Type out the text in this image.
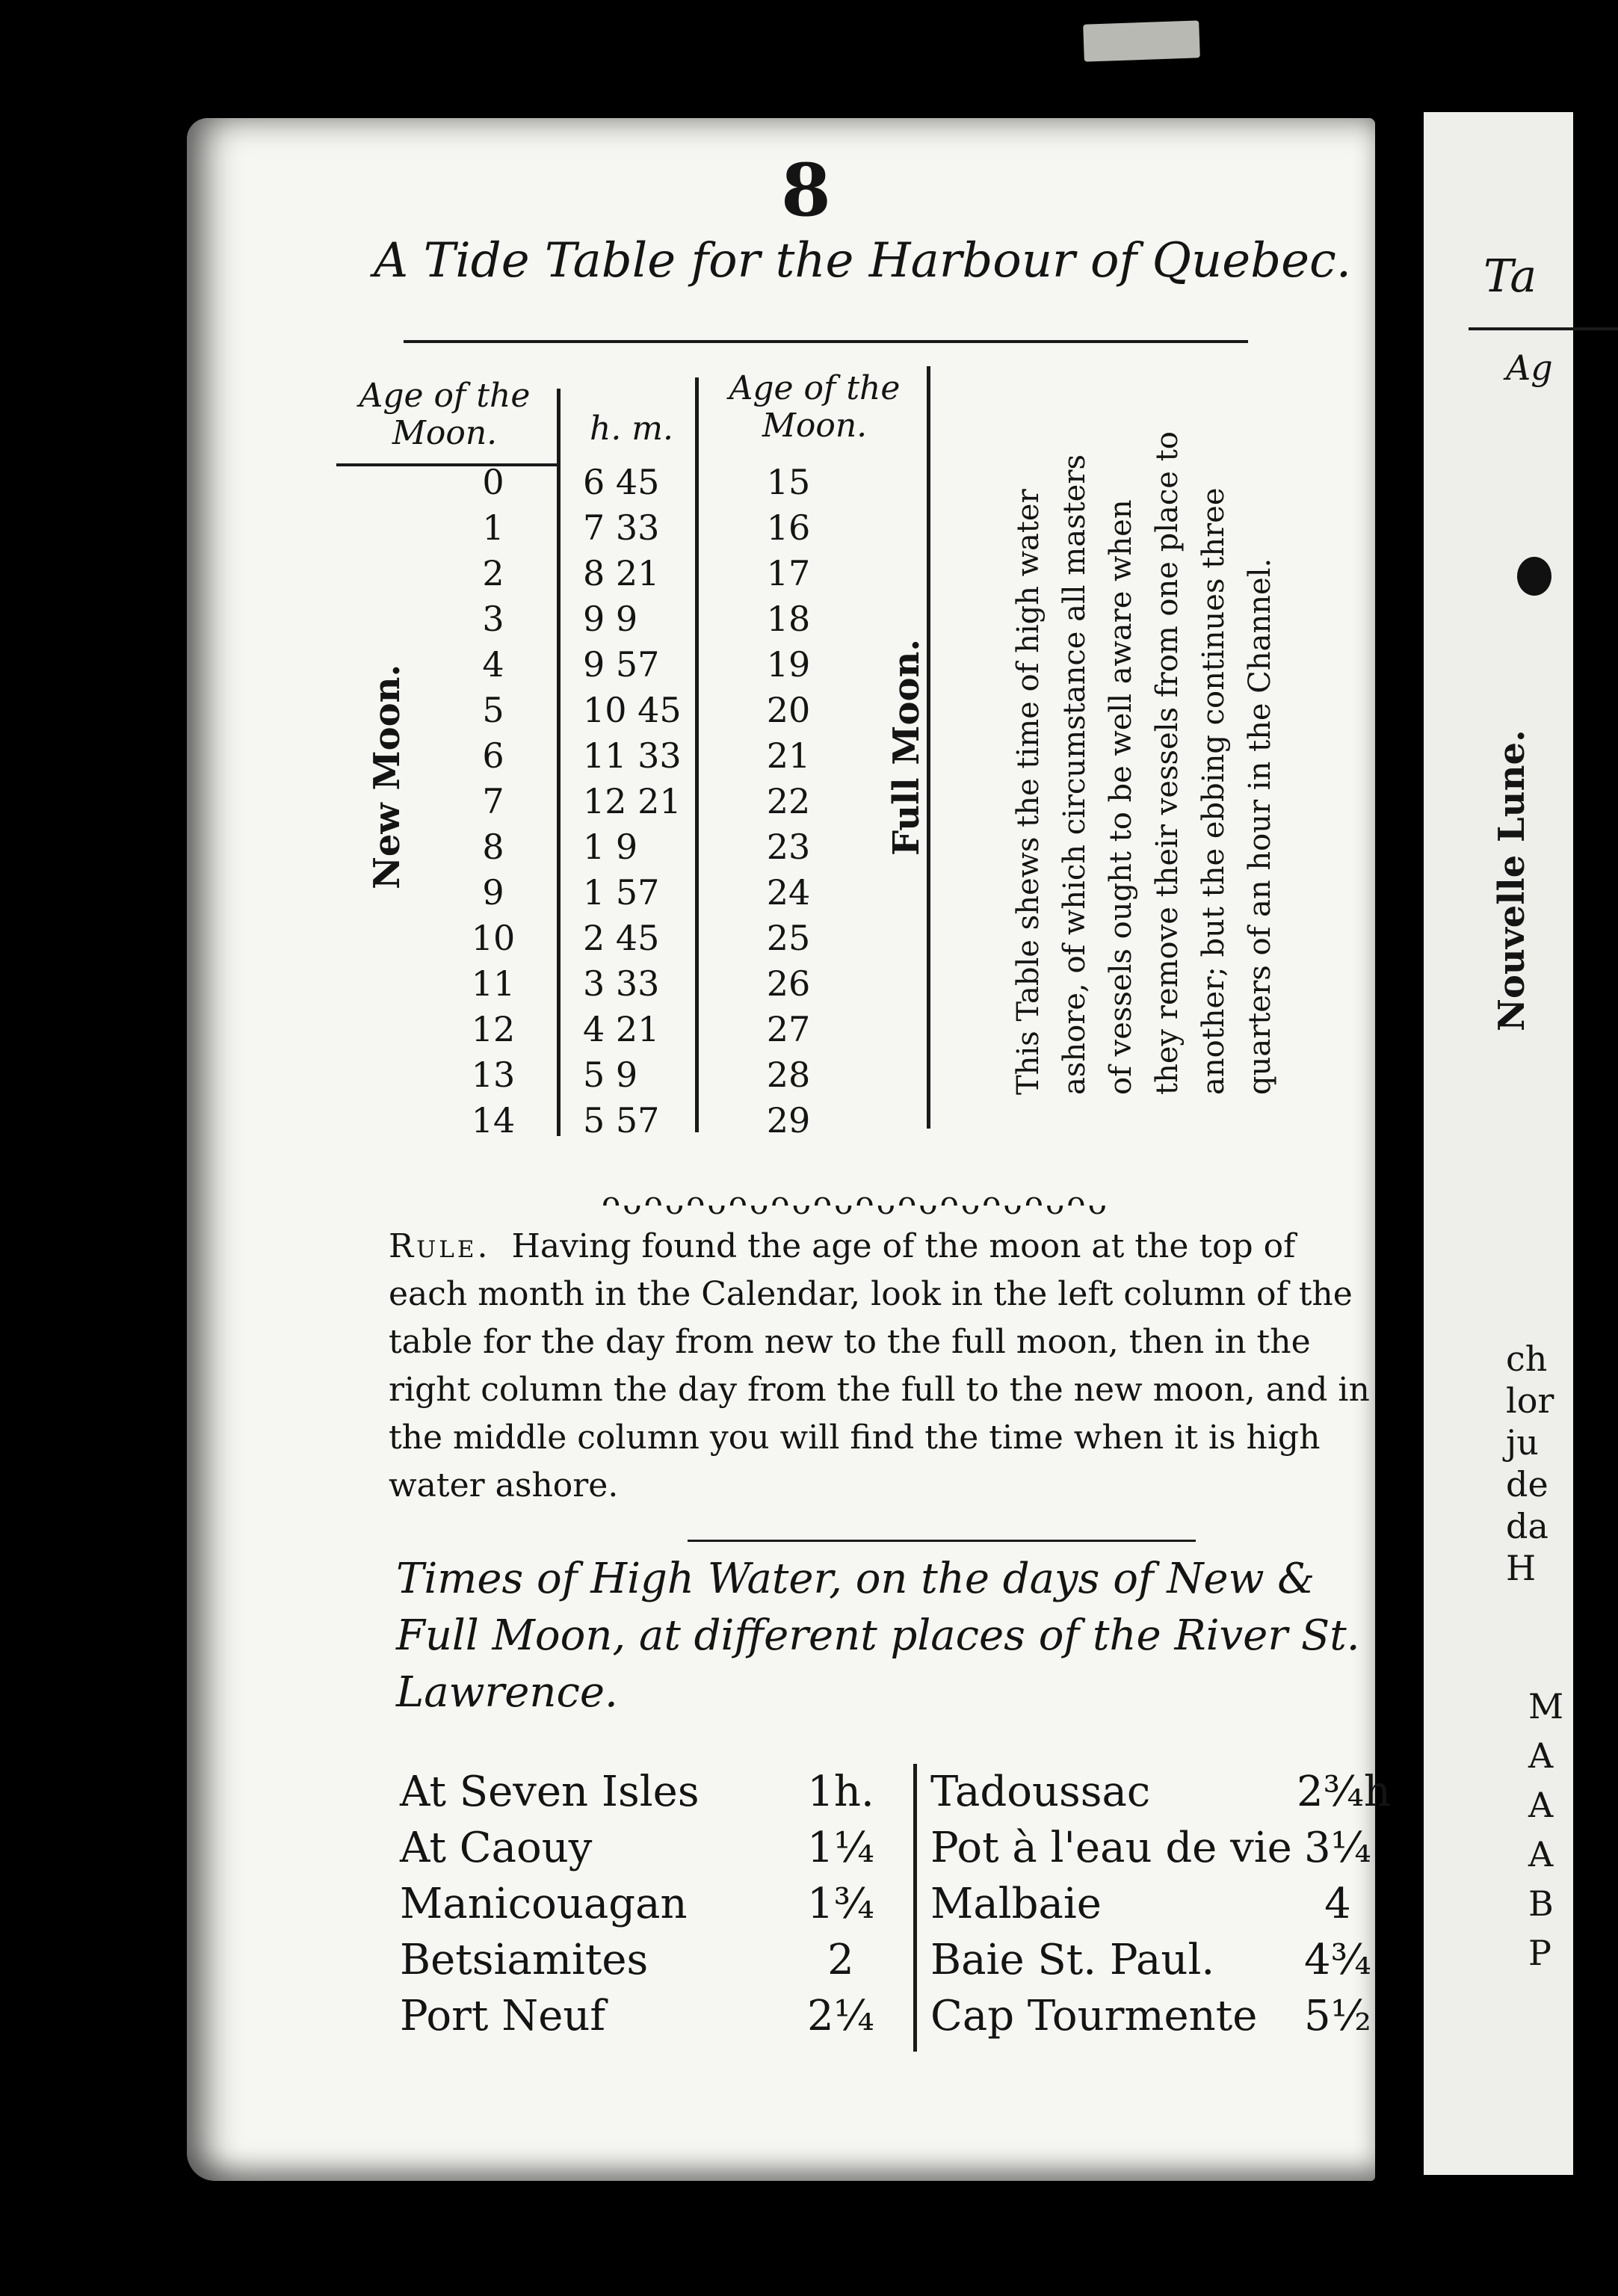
Ta
Ag
Nouvelle Lune.
ch
lor
ju
de
da
H
M
A
A
A
B
P
8
A Tide Table for the Harbour of Quebec.
Age of the Moon.	h. m.
Age of the Moon.
0	6 45	15
1	7 33	16
2	8 21	17
3	9 9	18
4	9 57	19
5	10 45	20
6	11 33	21
7	12 21	22
8	1 9	23
9	1 57	24
10	2 45	25
11	3 33	26
12	4 21	27
13	5 9	28
14	5 57	29
New Moon.	Full Moon.	This Table shews the time of high water ashore, of which circumstance all masters of vessels ought to be well aware when they remove their vessels from one place to another; but the ebbing continues three quarters of an hour in the Channel.
ᴖᴗᴖᴗᴖᴗᴖᴗᴖᴗᴖᴗᴖᴗᴖᴗᴖᴗᴖᴗᴖᴗᴖᴗ
Rule. Having found the age of the moon at the top of each month in the Calendar, look in the left column of the table for the day from new to the full moon, then in the right column the day from the full to the new moon, and in the middle column you will find the time when it is high water ashore.
Times of High Water, on the days of New & Full Moon, at different places of the River St. Lawrence.
At Seven Isles	1h.
At Caouy	1¼
Manicouagan	1¾
Betsiamites	2
Port Neuf	2¼
Tadoussac	2¾h
Pot à l'eau de vie 3¼
Malbaie	4
Baie St. Paul. 4¾
Cap Tourmente 5½
